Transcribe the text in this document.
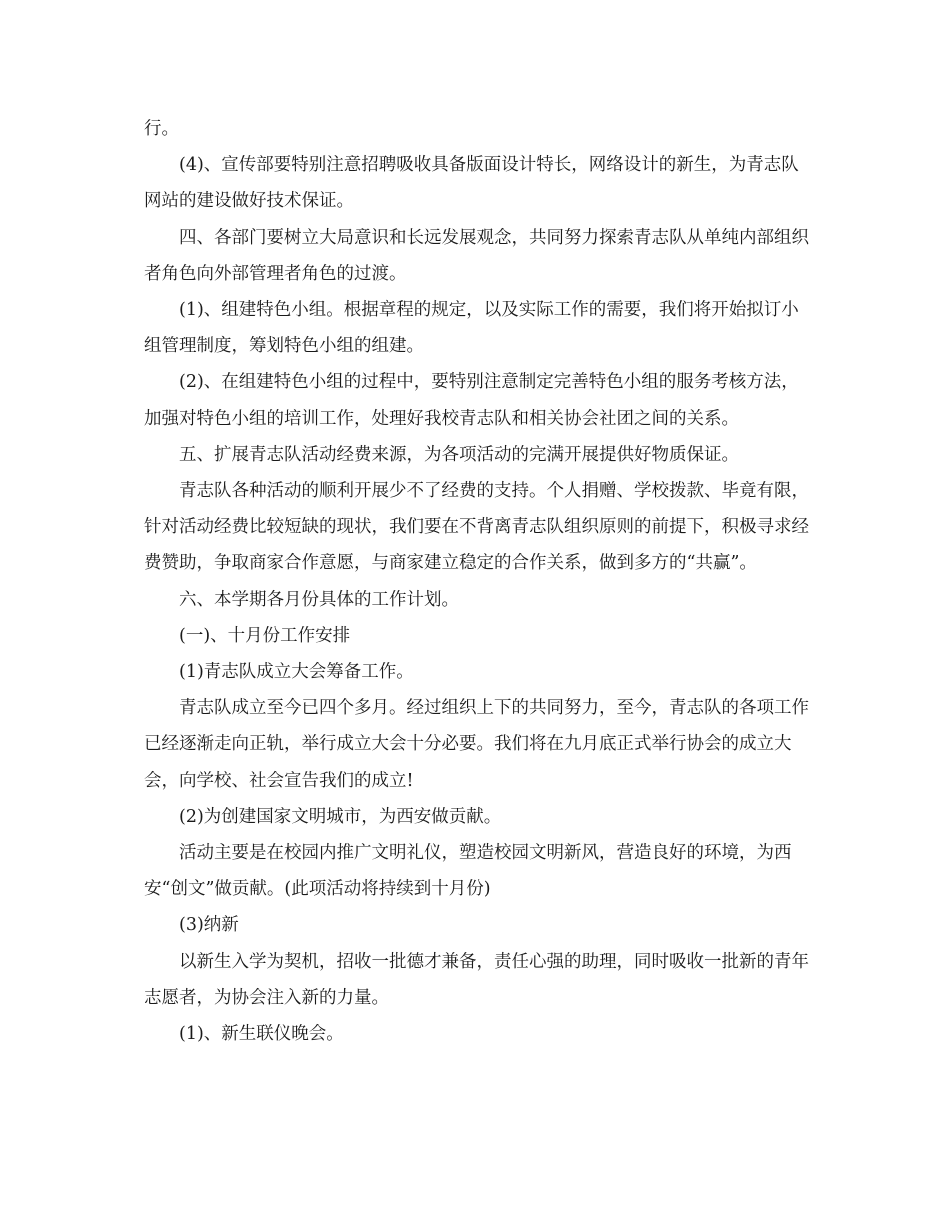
行。

(4)、宣传部要特别注意招聘吸收具备版面设计特长，网络设计的新生，为青志队网站的建设做好技术保证。

四、各部门要树立大局意识和长远发展观念，共同努力探索青志队从单纯内部组织者角色向外部管理者角色的过渡。

(1)、组建特色小组。根据章程的规定，以及实际工作的需要，我们将开始拟订小组管理制度，筹划特色小组的组建。

(2)、在组建特色小组的过程中，要特别注意制定完善特色小组的服务考核方法，加强对特色小组的培训工作，处理好我校青志队和相关协会社团之间的关系。

五、扩展青志队活动经费来源，为各项活动的完满开展提供好物质保证。

青志队各种活动的顺利开展少不了经费的支持。个人捐赠、学校拨款、毕竟有限，针对活动经费比较短缺的现状，我们要在不背离青志队组织原则的前提下，积极寻求经费赞助，争取商家合作意愿，与商家建立稳定的合作关系，做到多方的“共赢”。

六、本学期各月份具体的工作计划。

(一)、十月份工作安排

(1)青志队成立大会筹备工作。

青志队成立至今已四个多月。经过组织上下的共同努力，至今，青志队的各项工作已经逐渐走向正轨，举行成立大会十分必要。我们将在九月底正式举行协会的成立大会，向学校、社会宣告我们的成立!

(2)为创建国家文明城市，为西安做贡献。

活动主要是在校园内推广文明礼仪，塑造校园文明新风，营造良好的环境，为西安“创文”做贡献。(此项活动将持续到十月份)

(3)纳新

以新生入学为契机，招收一批德才兼备，责任心强的助理，同时吸收一批新的青年志愿者，为协会注入新的力量。

(1)、新生联仪晚会。
